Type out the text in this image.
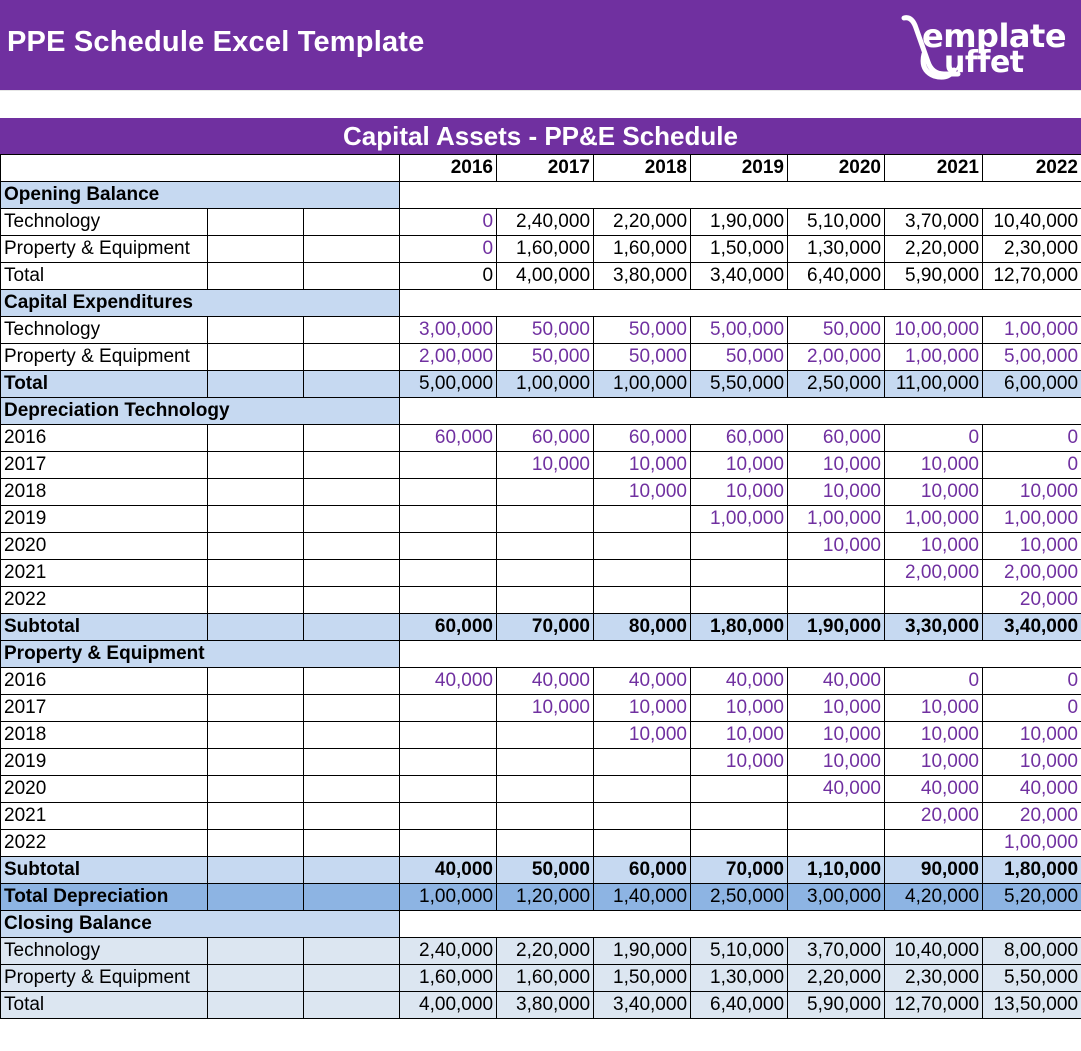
PPE Schedule Excel Template	emplate
uffet
Capital Assets - PP&E Schedule
			2016	2017	2018	2019	2020	2021	2022
Opening Balance									
Technology			0	2,40,000	2,20,000	1,90,000	5,10,000	3,70,000	10,40,000
Property & Equipment			0	1,60,000	1,60,000	1,50,000	1,30,000	2,20,000	2,30,000
Total			0	4,00,000	3,80,000	3,40,000	6,40,000	5,90,000	12,70,000
Capital Expenditures									
Technology			3,00,000	50,000	50,000	5,00,000	50,000	10,00,000	1,00,000
Property & Equipment			2,00,000	50,000	50,000	50,000	2,00,000	1,00,000	5,00,000
Total			5,00,000	1,00,000	1,00,000	5,50,000	2,50,000	11,00,000	6,00,000
Depreciation Technology									
2016			60,000	60,000	60,000	60,000	60,000	0	0
2017				10,000	10,000	10,000	10,000	10,000	0
2018					10,000	10,000	10,000	10,000	10,000
2019						1,00,000	1,00,000	1,00,000	1,00,000
2020							10,000	10,000	10,000
2021								2,00,000	2,00,000
2022									20,000
Subtotal			60,000	70,000	80,000	1,80,000	1,90,000	3,30,000	3,40,000
Property & Equipment									
2016			40,000	40,000	40,000	40,000	40,000	0	0
2017				10,000	10,000	10,000	10,000	10,000	0
2018					10,000	10,000	10,000	10,000	10,000
2019						10,000	10,000	10,000	10,000
2020							40,000	40,000	40,000
2021								20,000	20,000
2022									1,00,000
Subtotal			40,000	50,000	60,000	70,000	1,10,000	90,000	1,80,000
Total Depreciation			1,00,000	1,20,000	1,40,000	2,50,000	3,00,000	4,20,000	5,20,000
Closing Balance									
Technology			2,40,000	2,20,000	1,90,000	5,10,000	3,70,000	10,40,000	8,00,000
Property & Equipment			1,60,000	1,60,000	1,50,000	1,30,000	2,20,000	2,30,000	5,50,000
Total			4,00,000	3,80,000	3,40,000	6,40,000	5,90,000	12,70,000	13,50,000
